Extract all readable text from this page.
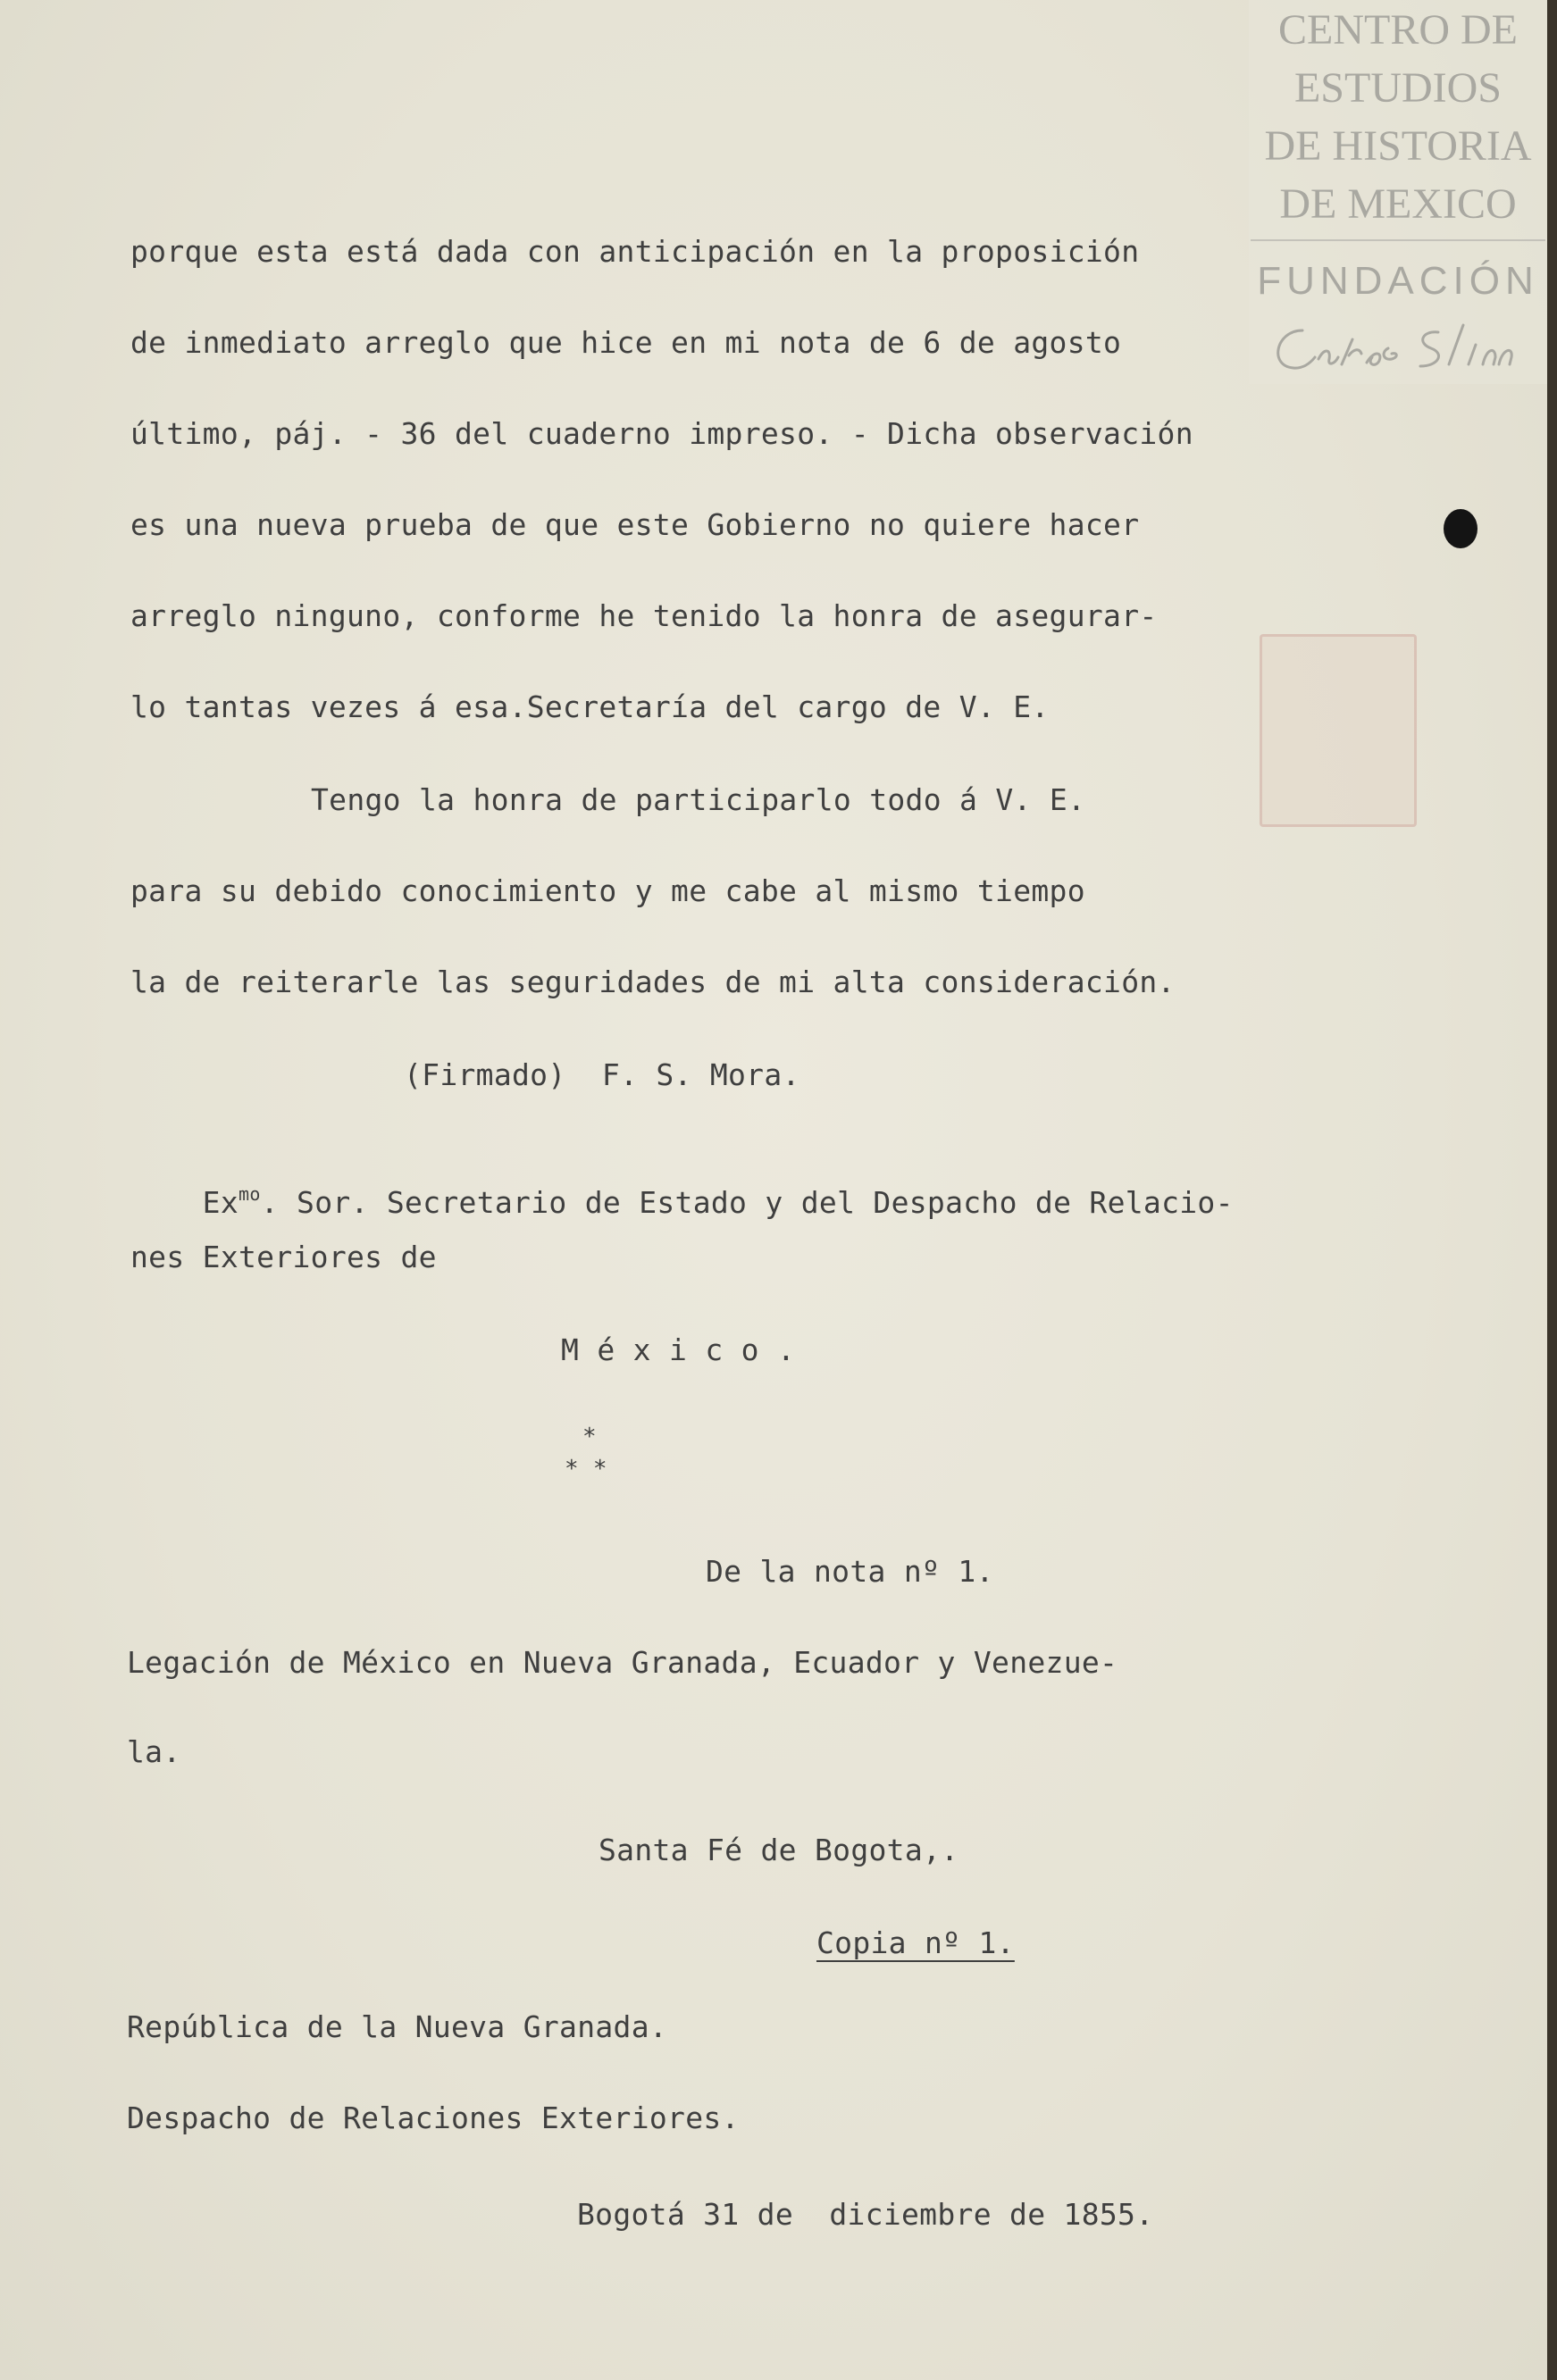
porque esta está dada con anticipación en la proposición
de inmediato arreglo que hice en mi nota de 6 de agosto
último, páj. - 36 del cuaderno impreso. - Dicha observación
es una nueva prueba de que este Gobierno no quiere hacer
arreglo ninguno, conforme he tenido la honra de asegurar-
lo tantas vezes á esa.Secretaría del cargo de V. E.
Tengo la honra de participarlo todo á V. E.
para su debido conocimiento y me cabe al mismo tiempo
la de reiterarle las seguridades de mi alta consideración.
(Firmado)  F. S. Mora.

$Ex^{mo}$. Sor. Secretario de Estado y del Despacho de Relacio-

nes Exteriores de
M é x i c o .
*
* *
De la nota nº 1.
Legación de México en Nueva Granada, Ecuador y Venezue-
la.
Santa Fé de Bogota,.
Copia nº 1.
República de la Nueva Granada.
Despacho de Relaciones Exteriores.
Bogotá 31 de  diciembre de 1855.
CENTRO DE
ESTUDIOS
DE HISTORIA
DE MEXICO
FUNDACIÓN
